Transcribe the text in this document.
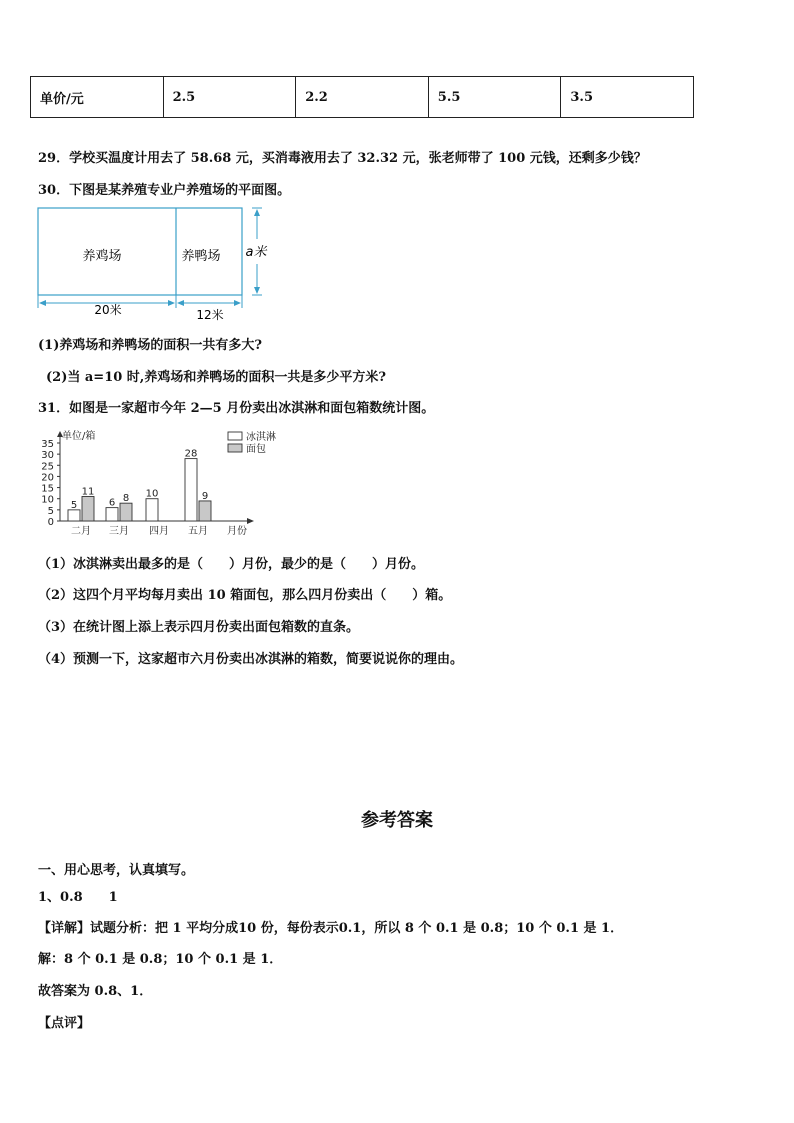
单价/元	2.5	2.2	5.5	3.5
29．学校买温度计用去了 58.68 元，买消毒液用去了 32.32 元，张老师带了 100 元钱，还剩多少钱？
30．下图是某养殖专业户养殖场的平面图。
养鸡场	养鸭场 a米
20米	12米
(1)养鸡场和养鸭场的面积一共有多大?
(2)当 a=10 时,养鸡场和养鸭场的面积一共是多少平方米?
31．如图是一家超市今年 2—5 月份卖出冰淇淋和面包箱数统计图。
单位/箱
0
5
10
15
20
25
30
35
5
11
二月
6 8
三月
10
四月
28
9
五月 月份
冰淇淋
面包
（1）冰淇淋卖出最多的是（　　）月份，最少的是（　　）月份。
（2）这四个月平均每月卖出 10 箱面包，那么四月份卖出（　　）箱。
（3）在统计图上添上表示四月份卖出面包箱数的直条。
（4）预测一下，这家超市六月份卖出冰淇淋的箱数，简要说说你的理由。
参考答案
一、用心思考，认真填写。
1、0.8 1
【详解】试题分析：把 1 平均分成10 份，每份表示0.1，所以 8 个 0.1 是 0.8；10 个 0.1 是 1．
解：8 个 0.1 是 0.8；10 个 0.1 是 1．
故答案为 0.8、1．
【点评】
